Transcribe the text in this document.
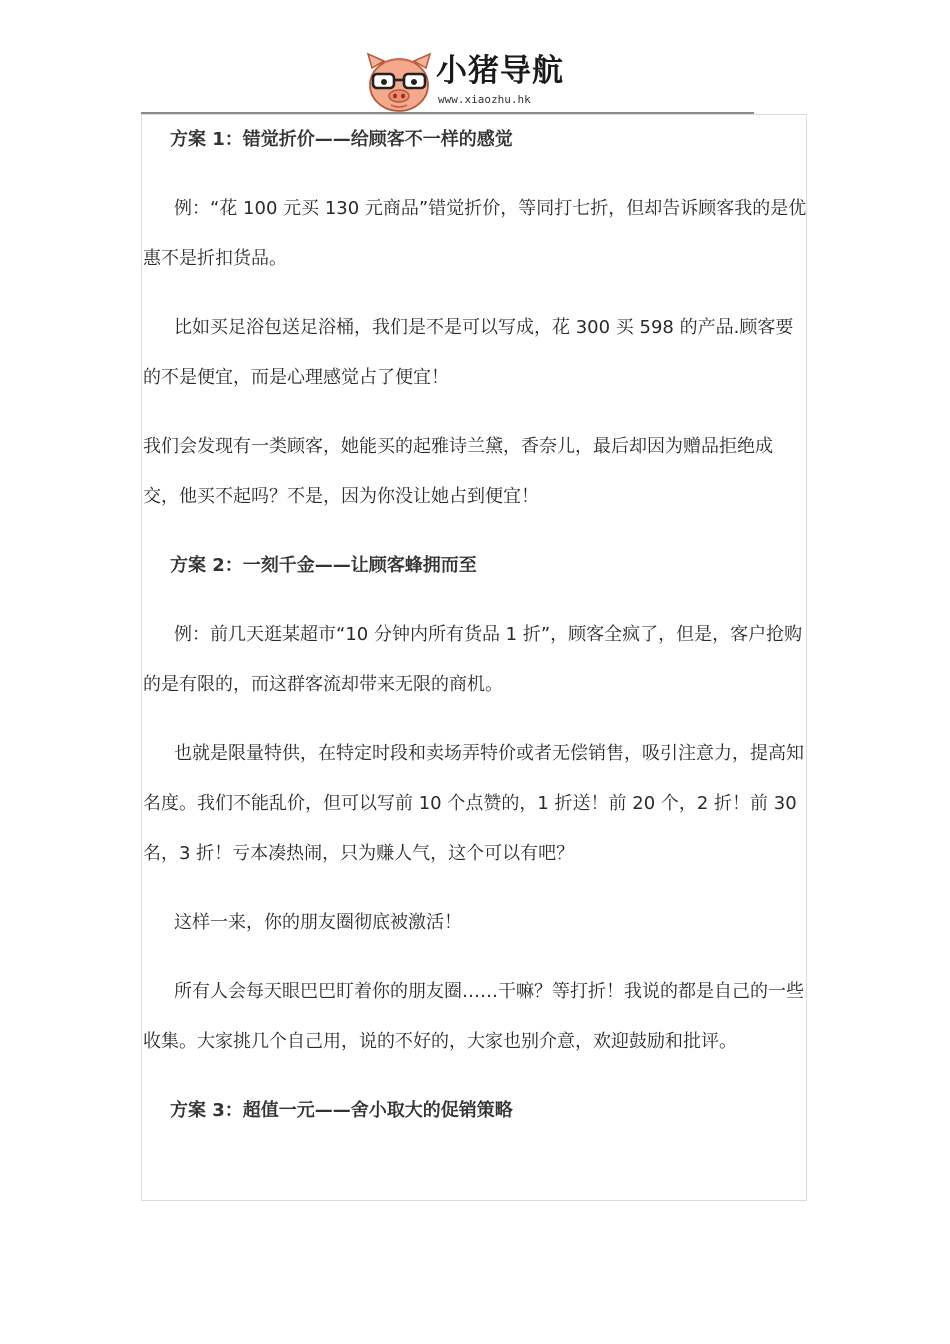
小猪导航
www.xiaozhu.hk

方案 1：错觉折价——给顾客不一样的感觉

例：“花 100 元买 130 元商品”错觉折价，等同打七折，但却告诉顾客我的是优惠不是折扣货品。

比如买足浴包送足浴桶，我们是不是可以写成，花 300 买 598 的产品.顾客要的不是便宜，而是心理感觉占了便宜！

我们会发现有一类顾客，她能买的起雅诗兰黛，香奈儿，最后却因为赠品拒绝成交，他买不起吗？不是，因为你没让她占到便宜！

方案 2：一刻千金——让顾客蜂拥而至

例：前几天逛某超市“10 分钟内所有货品 1 折”，顾客全疯了，但是，客户抢购的是有限的，而这群客流却带来无限的商机。

也就是限量特供，在特定时段和卖场弄特价或者无偿销售，吸引注意力，提高知名度。我们不能乱价，但可以写前 10 个点赞的，1 折送！前 20 个，2 折！前 30 名，3 折！亏本凑热闹，只为赚人气，这个可以有吧？

这样一来，你的朋友圈彻底被激活！

所有人会每天眼巴巴盯着你的朋友圈……干嘛？等打折！我说的都是自己的一些收集。大家挑几个自己用，说的不好的，大家也别介意，欢迎鼓励和批评。

方案 3：超值一元——舍小取大的促销策略
